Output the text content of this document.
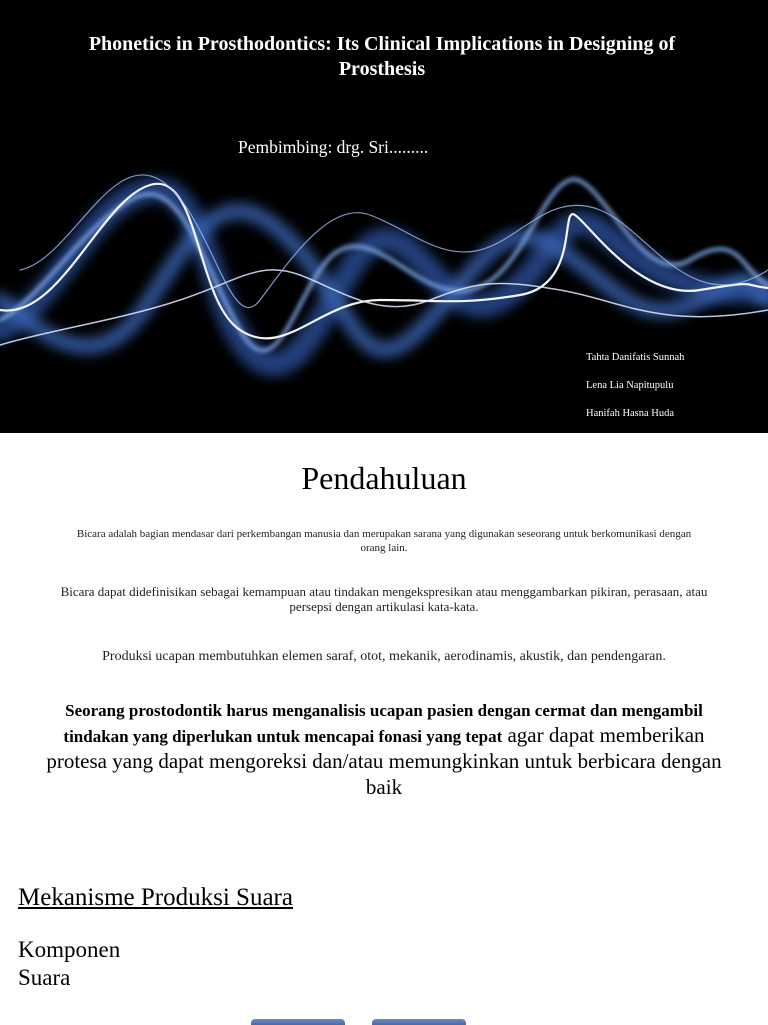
Phonetics in Prosthodontics: Its Clinical Implications in Designing of Prosthesis
Pembimbing: drg. Sri.........
Tahta Danifatis Sunnah
Lena Lia Napitupulu
Hanifah Hasna Huda
Pendahuluan
Bicara adalah bagian mendasar dari perkembangan manusia dan merupakan sarana yang digunakan seseorang untuk berkomunikasi dengan orang lain.
Bicara dapat didefinisikan sebagai kemampuan atau tindakan mengekspresikan atau menggambarkan pikiran, perasaan, atau persepsi dengan artikulasi kata-kata.
Produksi ucapan membutuhkan elemen saraf, otot, mekanik, aerodinamis, akustik, dan pendengaran.
Seorang prostodontik harus menganalisis ucapan pasien dengan cermat dan mengambil tindakan yang diperlukan untuk mencapai fonasi yang tepat agar dapat memberikan protesa yang dapat mengoreksi dan/atau memungkinkan untuk berbicara dengan baik
Mekanisme Produksi Suara
Komponen
Suara
